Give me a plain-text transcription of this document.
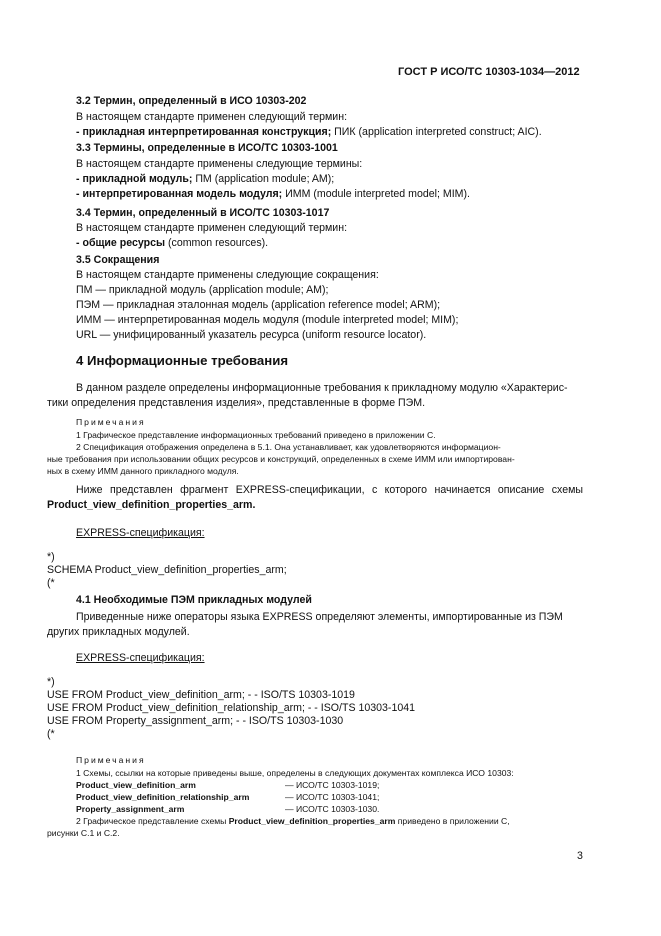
ГОСТ Р ИСО/ТС 10303-1034—2012
3.2 Термин, определенный в ИСО 10303-202
В настоящем стандарте применен следующий термин:
- прикладная интерпретированная конструкция; ПИК (application interpreted construct; AIC).
3.3 Термины, определенные в ИСО/ТС 10303-1001
В настоящем стандарте применены следующие термины:
- прикладной модуль; ПМ (application module; AM);
- интерпретированная модель модуля; ИММ (module interpreted model; MIM).
3.4 Термин, определенный в ИСО/ТС 10303-1017
В настоящем стандарте применен следующий термин:
- общие ресурсы (common resources).
3.5 Сокращения
В настоящем стандарте применены следующие сокращения:
ПМ — прикладной модуль (application module; AM);
ПЭМ — прикладная эталонная модель (application reference model; ARM);
ИММ — интерпретированная модель модуля (module interpreted model; MIM);
URL — унифицированный указатель ресурса (uniform resource locator).
4 Информационные требования
В данном разделе определены информационные требования к прикладному модулю «Характерис-
тики определения представления изделия», представленные в форме ПЭМ.
Примечания
1 Графическое представление информационных требований приведено в приложении С.
2 Спецификация отображения определена в 5.1. Она устанавливает, как удовлетворяются информацион-
ные требования при использовании общих ресурсов и конструкций, определенных в схеме ИММ или импортирован-
ных в схему ИММ данного прикладного модуля.
Ниже представлен фрагмент EXPRESS-спецификации, с которого начинается описание схемы
Product_view_definition_properties_arm.
EXPRESS-спецификация:
*)
SCHEMA Product_view_definition_properties_arm;
(*
4.1 Необходимые ПЭМ прикладных модулей
Приведенные ниже операторы языка EXPRESS определяют элементы, импортированные из ПЭМ
других прикладных модулей.
EXPRESS-спецификация:
*)
USE FROM Product_view_definition_arm; - - ISO/TS 10303-1019
USE FROM Product_view_definition_relationship_arm; - - ISO/TS 10303-1041
USE FROM Property_assignment_arm; - - ISO/TS 10303-1030
(*
Примечания
1 Схемы, ссылки на которые приведены выше, определены в следующих документах комплекса ИСО 10303:
Product_view_definition_arm	— ИСО/ТС 10303-1019;
Product_view_definition_relationship_arm	— ИСО/ТС 10303-1041;
Property_assignment_arm	— ИСО/ТС 10303-1030.
2 Графическое представление схемы Product_view_definition_properties_arm приведено в приложении С,
рисунки С.1 и С.2.
3
